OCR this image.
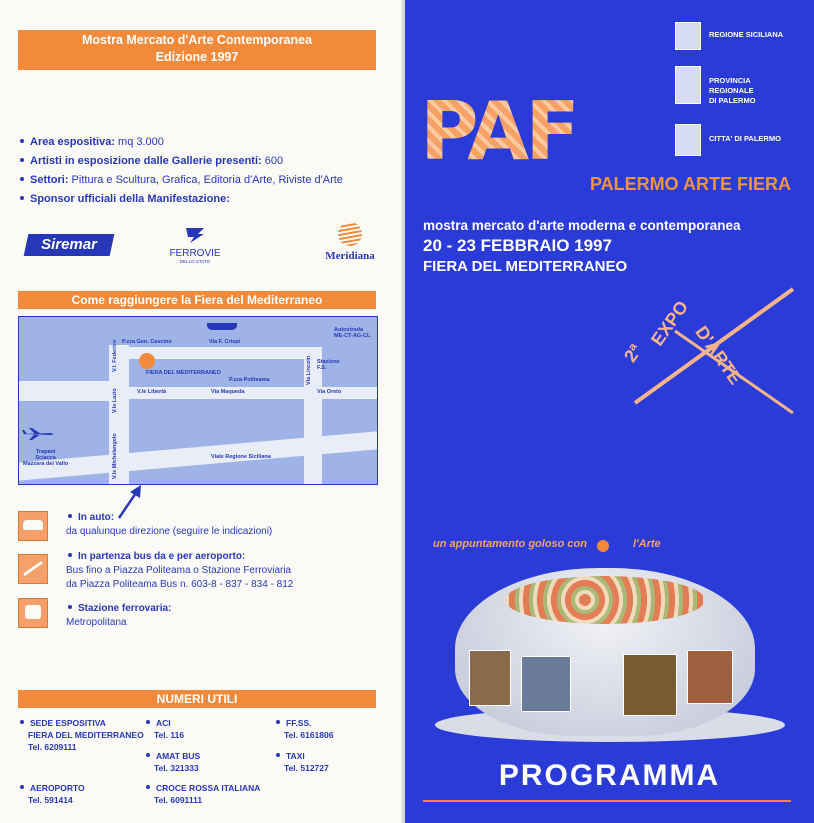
Mostra Mercato d'Arte Contemporanea
Edizione 1997
Area espositiva: mq 3.000
Artisti in esposizione dalle Gallerie presenti: 600
Settori: Pittura e Scultura, Grafica, Editoria d'Arte, Riviste d'Arte
Sponsor ufficiali della Manifestazione:
Siremar
FERROVIE
DELLO STATO	Meridiana
Come raggiungere la Fiera del Mediterraneo
P.zza Gen. Cascino	Via F. Crispi
Autostrada
ME-CT-AG-CL
FIERA DEL MEDITERRANEO
P.zza Politeama
Stazione
F.S.
V.le Libertà	Via Maqueda	Via Oreto
Viale Regione Siciliana
Trapani
Sciacca
Mazzara del Vallo
V.l. Federico
V.le Lazio
Via Lincoln
V.le Michelangelo
In auto:
da qualunque direzione (seguire le indicazioni)
In partenza bus da e per aeroporto:
Bus fino a Piazza Politeama o Stazione Ferroviaria
da Piazza Politeama Bus n. 603-8 - 837 - 834 - 812
Stazione ferrovaria:
Metropolitana
NUMERI UTILI
SEDE ESPOSITIVA
FIERA DEL MEDITERRANEO
Tel. 6209111
ACI
Tel. 116
FF.SS.
Tel. 6161806
AMAT BUS
Tel. 321333
TAXI
Tel. 512727
AEROPORTO
Tel. 591414
CROCE ROSSA ITALIANA
Tel. 6091111
REGIONE SICILIANA
PROVINCIA
REGIONALE
DI PALERMO
CITTA' DI PALERMO
PAF
PALERMO ARTE FIERA
mostra mercato d'arte moderna e contemporanea
20 - 23 FEBBRAIO 1997
FIERA DEL MEDITERRANEO
2ª
EXPO D'ARTE
un appuntamento goloso con	l'Arte
PROGRAMMA
